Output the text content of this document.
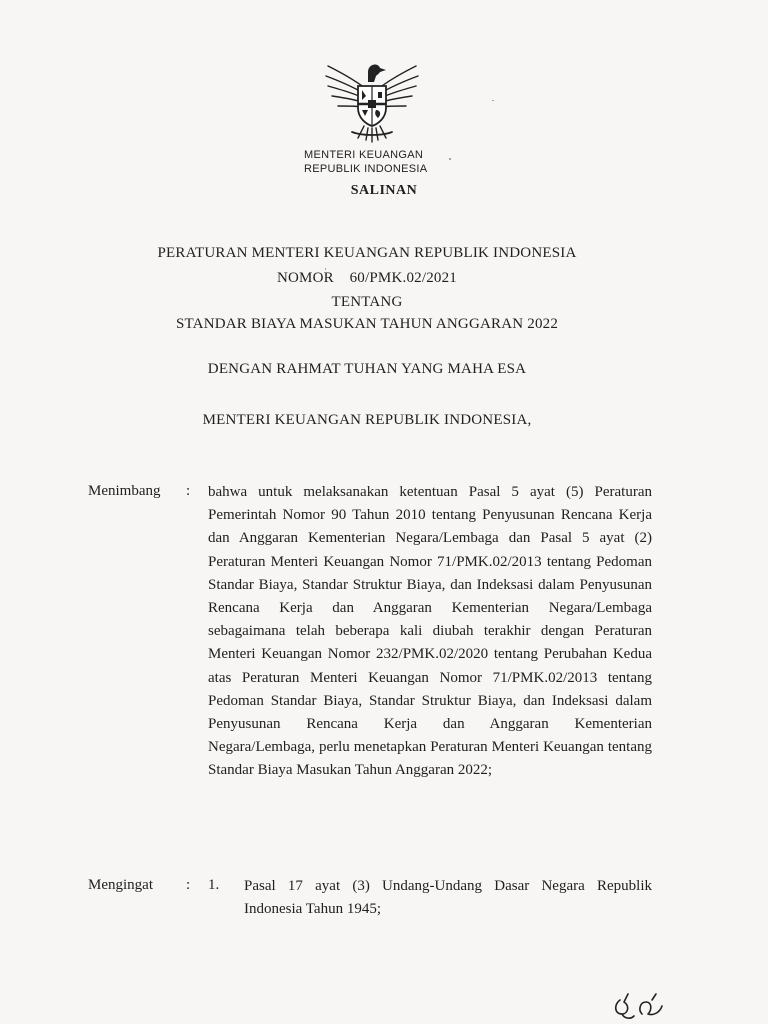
MENTERI KEUANGAN
REPUBLIK INDONESIA
SALINAN
PERATURAN MENTERI KEUANGAN REPUBLIK INDONESIA
NOMOR    60/PMK.02/2021
TENTANG
STANDAR BIAYA MASUKAN TAHUN ANGGARAN 2022
DENGAN RAHMAT TUHAN YANG MAHA ESA
MENTERI KEUANGAN REPUBLIK INDONESIA,
Menimbang : bahwa untuk melaksanakan ketentuan Pasal 5 ayat (5) Peraturan Pemerintah Nomor 90 Tahun 2010 tentang Penyusunan Rencana Kerja dan Anggaran Kementerian Negara/Lembaga dan Pasal 5 ayat (2) Peraturan Menteri Keuangan Nomor 71/PMK.02/2013 tentang Pedoman Standar Biaya, Standar Struktur Biaya, dan Indeksasi dalam Penyusunan Rencana Kerja dan Anggaran Kementerian Negara/Lembaga sebagaimana telah beberapa kali diubah terakhir dengan Peraturan Menteri Keuangan Nomor 232/PMK.02/2020 tentang Perubahan Kedua atas Peraturan Menteri Keuangan Nomor 71/PMK.02/2013 tentang Pedoman Standar Biaya, Standar Struktur Biaya, dan Indeksasi dalam Penyusunan Rencana Kerja dan Anggaran Kementerian Negara/Lembaga, perlu menetapkan Peraturan Menteri Keuangan tentang Standar Biaya Masukan Tahun Anggaran 2022;

Mengingat : 1. Pasal 17 ayat (3) Undang-Undang Dasar Negara Republik Indonesia Tahun 1945;
